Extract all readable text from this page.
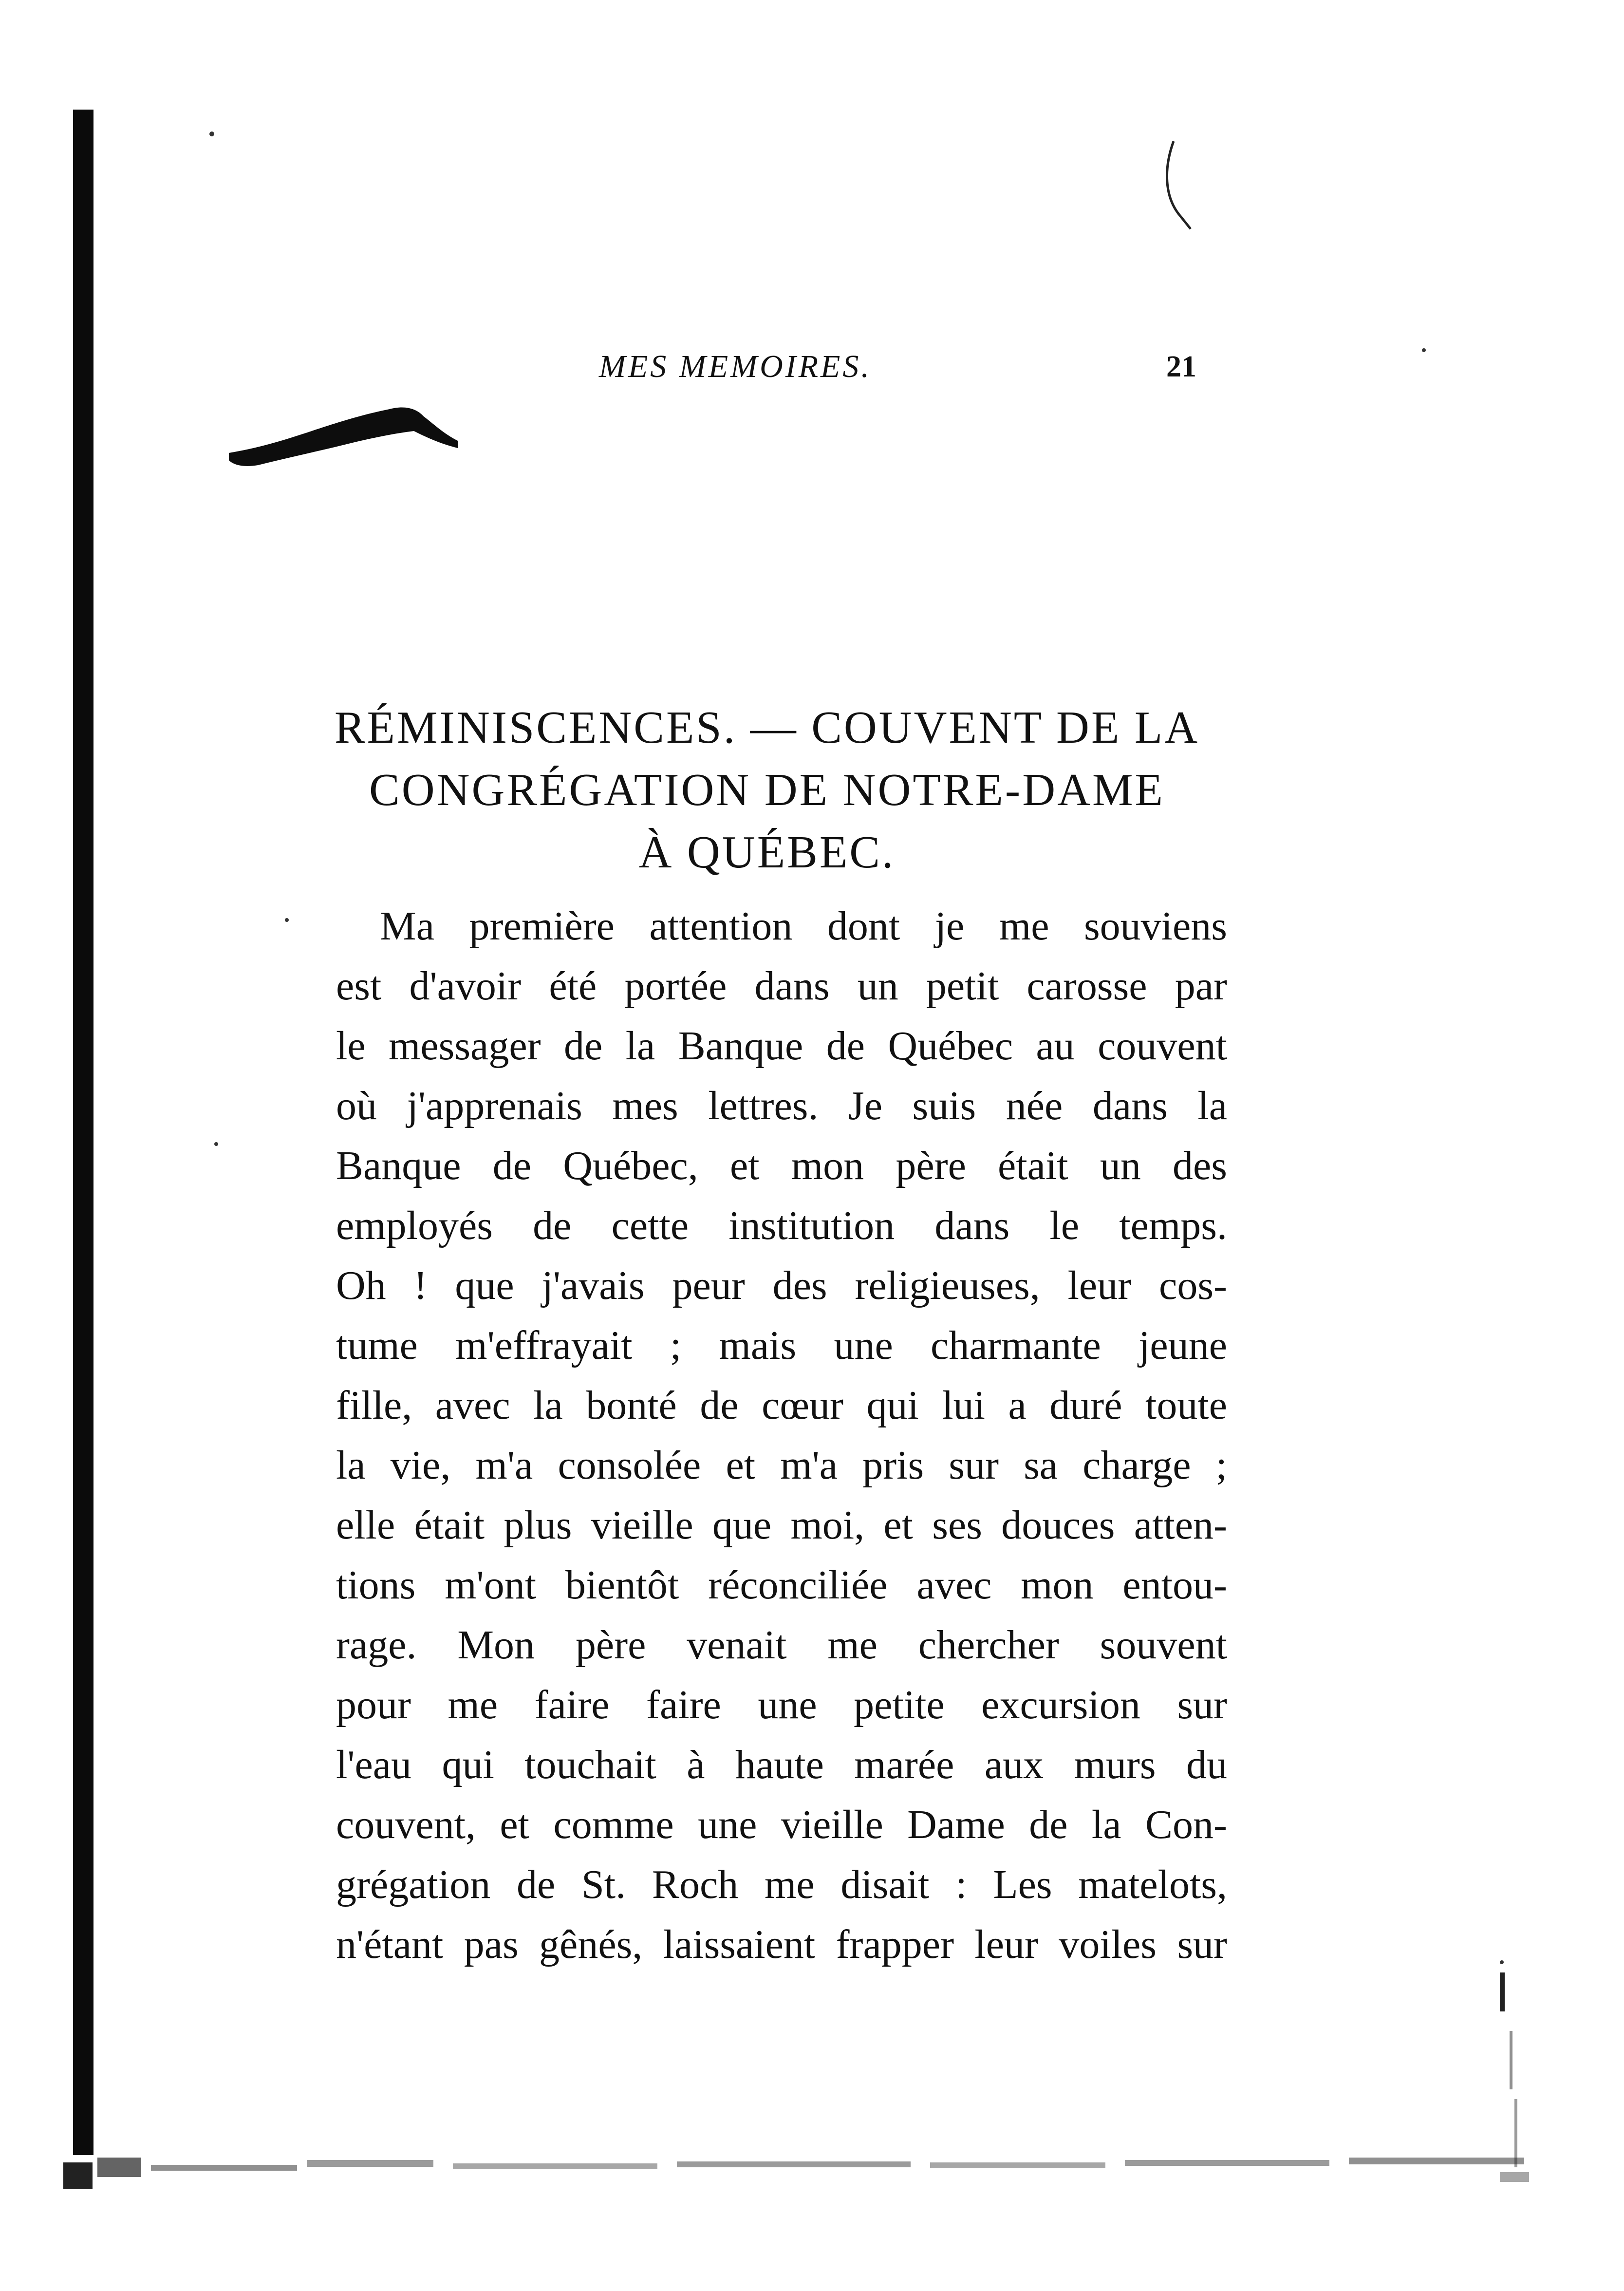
MES MEMOIRES.	21
RÉMINISCENCES. — COUVENT DE LA
CONGRÉGATION DE NOTRE-DAME
À QUÉBEC.
Ma première attention dont je me souviens
est d'avoir été portée dans un petit carosse par
le messager de la Banque de Québec au couvent
où j'apprenais mes lettres. Je suis née dans la
Banque de Québec, et mon père était un des
employés de cette institution dans le temps.
Oh ! que j'avais peur des religieuses, leur cos-
tume m'effrayait ; mais une charmante jeune
fille, avec la bonté de cœur qui lui a duré toute
la vie, m'a consolée et m'a pris sur sa charge ;
elle était plus vieille que moi, et ses douces atten-
tions m'ont bientôt réconciliée avec mon entou-
rage. Mon père venait me chercher souvent
pour me faire faire une petite excursion sur
l'eau qui touchait à haute marée aux murs du
couvent, et comme une vieille Dame de la Con-
grégation de St. Roch me disait : Les matelots,
n'étant pas gênés, laissaient frapper leur voiles sur
